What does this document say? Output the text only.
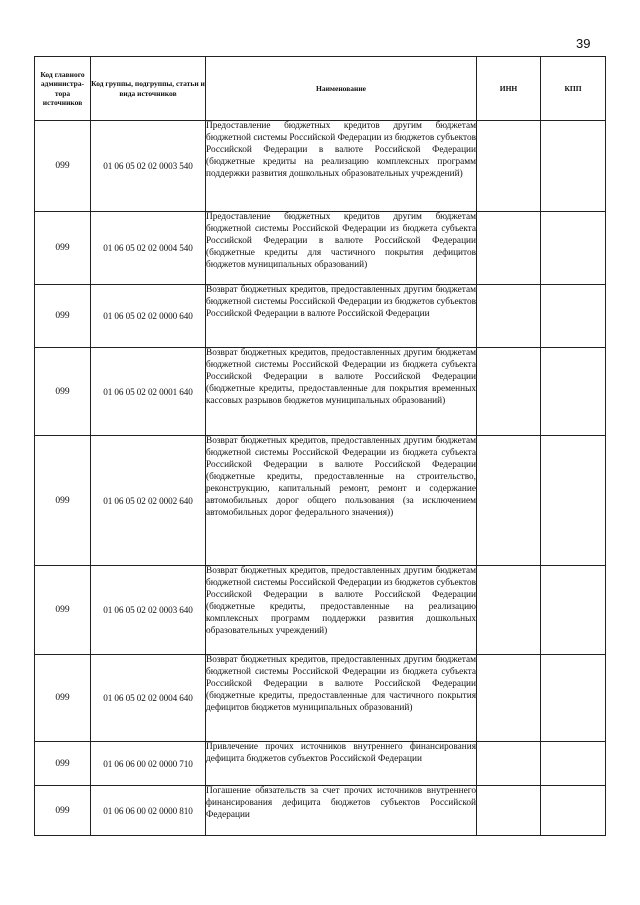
39
Код главного администра-тора источников	Код группы, подгруппы, статьи и вида источников	Наименование	ИНН	КПП
099	01 06 05 02 02 0003 540	Предоставление бюджетных кредитов другим бюджетам бюджетной системы Российской Федерации из бюджетов субъектов Российской Федерации в валюте Российской Федерации (бюджетные кредиты на реализацию комплексных программ поддержки развития дошкольных образовательных учреждений)		
099	01 06 05 02 02 0004 540	Предоставление бюджетных кредитов другим бюджетам бюджетной системы Российской Федерации из бюджета субъекта Российской Федерации в валюте Российской Федерации (бюджетные кредиты для частичного покрытия дефицитов бюджетов муниципальных образований)		
099	01 06 05 02 02 0000 640	Возврат бюджетных кредитов, предоставленных другим бюджетам бюджетной системы Российской Федерации из бюджетов субъектов Российской Федерации в валюте Российской Федерации		
099	01 06 05 02 02 0001 640	Возврат бюджетных кредитов, предоставленных другим бюджетам бюджетной системы Российской Федерации из бюджета субъекта Российской Федерации в валюте Российской Федерации (бюджетные кредиты, предоставленные для покрытия временных кассовых разрывов бюджетов муниципальных образований)		
099	01 06 05 02 02 0002 640	Возврат бюджетных кредитов, предоставленных другим бюджетам бюджетной системы Российской Федерации из бюджета субъекта Российской Федерации в валюте Российской Федерации (бюджетные кредиты, предоставленные на строительство, реконструкцию, капитальный ремонт, ремонт и содержание автомобильных дорог общего пользования (за исключением автомобильных дорог федерального значения))		
099	01 06 05 02 02 0003 640	Возврат бюджетных кредитов, предоставленных другим бюджетам бюджетной системы Российской Федерации из бюджетов субъектов Российской Федерации в валюте Российской Федерации (бюджетные кредиты, предоставленные на реализацию комплексных программ поддержки развития дошкольных образовательных учреждений)		
099	01 06 05 02 02 0004 640	Возврат бюджетных кредитов, предоставленных другим бюджетам бюджетной системы Российской Федерации из бюджета субъекта Российской Федерации в валюте Российской Федерации (бюджетные кредиты, предоставленные для частичного покрытия дефицитов бюджетов муниципальных образований)		
099	01 06 06 00 02 0000 710	Привлечение прочих источников внутреннего финансирования дефицита бюджетов субъектов Российской Федерации		
099	01 06 06 00 02 0000 810	Погашение обязательств за счет прочих источников внутреннего финансирования дефицита бюджетов субъектов Российской Федерации		
